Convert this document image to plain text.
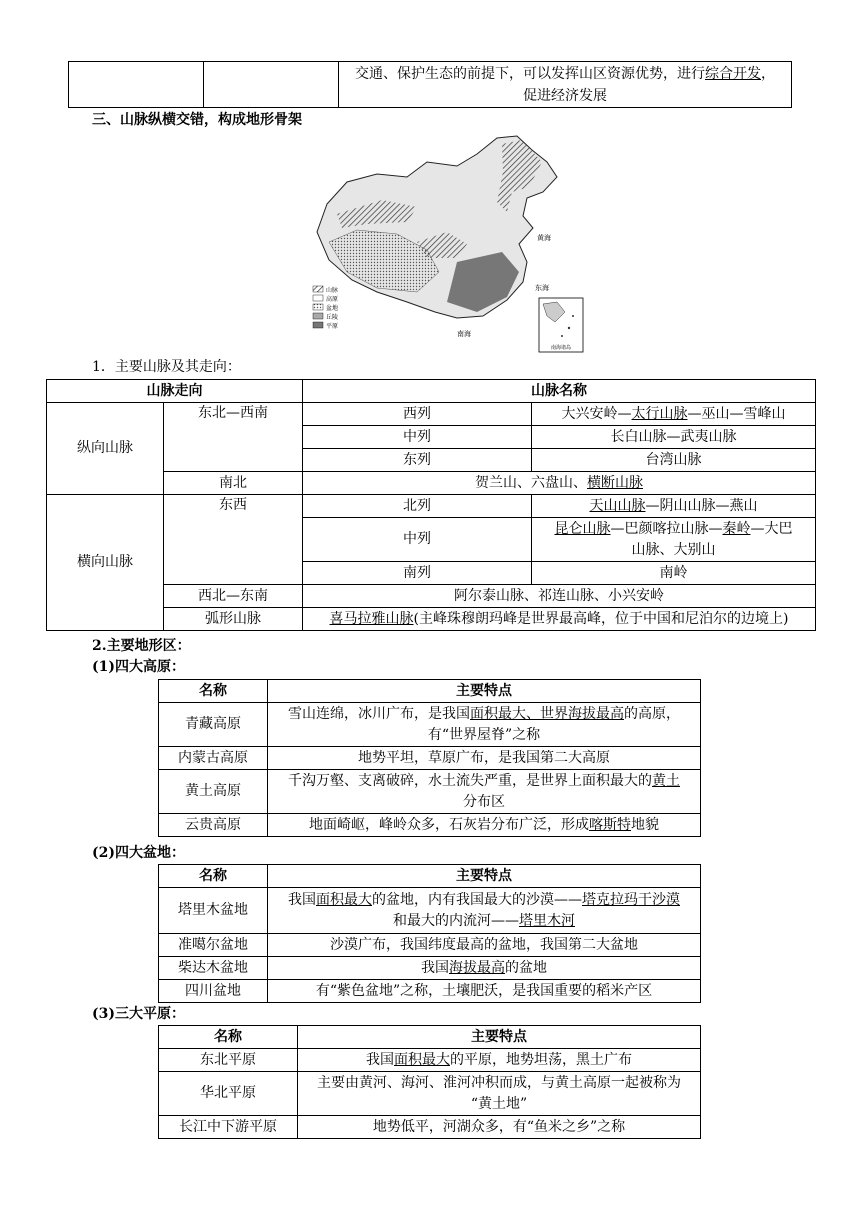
		交通、保护生态的前提下，可以发挥山区资源优势，进行综合开发，
促进经济发展
三、山脉纵横交错，构成地形骨架
山脉
高原
盆地
丘陵
平原
东海
南海
黄海
南海诸岛
1．主要山脉及其走向：
山脉走向		山脉名称	
纵向山脉	东北—西南	西列	大兴安岭—太行山脉—巫山—雪峰山
		中列	长白山脉—武夷山脉
		东列	台湾山脉
	南北	贺兰山、六盘山、横断山脉	
横向山脉	东西	北列	天山山脉—阴山山脉—燕山
		中列	昆仑山脉—巴颜喀拉山脉—秦岭—大巴
山脉、大别山
		南列	南岭
	西北—东南	阿尔泰山脉、祁连山脉、小兴安岭	
	弧形山脉	喜马拉雅山脉(主峰珠穆朗玛峰是世界最高峰，位于中国和尼泊尔的边境上)	
2.主要地形区：
(1)四大高原：
名称	主要特点
青藏高原	雪山连绵，冰川广布，是我国面积最大、世界海拔最高的高原，
有“世界屋脊”之称
内蒙古高原	地势平坦，草原广布，是我国第二大高原
黄土高原	千沟万壑、支离破碎，水土流失严重，是世界上面积最大的黄土
分布区
云贵高原	地面崎岖，峰岭众多，石灰岩分布广泛，形成喀斯特地貌
(2)四大盆地：
名称	主要特点
塔里木盆地	我国面积最大的盆地，内有我国最大的沙漠——塔克拉玛干沙漠
和最大的内流河——塔里木河
准噶尔盆地	沙漠广布，我国纬度最高的盆地，我国第二大盆地
柴达木盆地	我国海拔最高的盆地
四川盆地	有“紫色盆地”之称，土壤肥沃，是我国重要的稻米产区
(3)三大平原：
名称	主要特点
东北平原	我国面积最大的平原，地势坦荡，黑土广布
华北平原	主要由黄河、海河、淮河冲积而成，与黄土高原一起被称为
“黄土地”
长江中下游平原	地势低平，河湖众多，有“鱼米之乡”之称
